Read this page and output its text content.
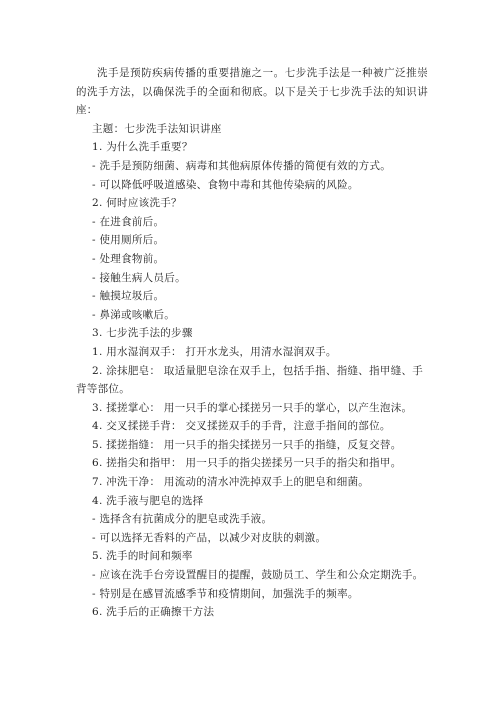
洗手是预防疾病传播的重要措施之一。七步洗手法是一种被广泛推崇的洗手方法，以确保洗手的全面和彻底。以下是关于七步洗手法的知识讲座：

主题：七步洗手法知识讲座

1. 为什么洗手重要？

- 洗手是预防细菌、病毒和其他病原体传播的简便有效的方式。

- 可以降低呼吸道感染、食物中毒和其他传染病的风险。

2. 何时应该洗手？

- 在进食前后。

- 使用厕所后。

- 处理食物前。

- 接触生病人员后。

- 触摸垃圾后。

- 鼻涕或咳嗽后。

3. 七步洗手法的步骤

1. 用水湿润双手： 打开水龙头，用清水湿润双手。

2. 涂抹肥皂： 取适量肥皂涂在双手上，包括手指、指缝、指甲缝、手背等部位。

3. 揉搓掌心： 用一只手的掌心揉搓另一只手的掌心，以产生泡沫。

4. 交叉揉搓手背： 交叉揉搓双手的手背，注意手指间的部位。

5. 揉搓指缝： 用一只手的指尖揉搓另一只手的指缝，反复交替。

6. 搓指尖和指甲： 用一只手的指尖搓揉另一只手的指尖和指甲。

7. 冲洗干净： 用流动的清水冲洗掉双手上的肥皂和细菌。

4. 洗手液与肥皂的选择

- 选择含有抗菌成分的肥皂或洗手液。

- 可以选择无香料的产品，以减少对皮肤的刺激。

5. 洗手的时间和频率

- 应该在洗手台旁设置醒目的提醒，鼓励员工、学生和公众定期洗手。

- 特别是在感冒流感季节和疫情期间，加强洗手的频率。

6. 洗手后的正确擦干方法
